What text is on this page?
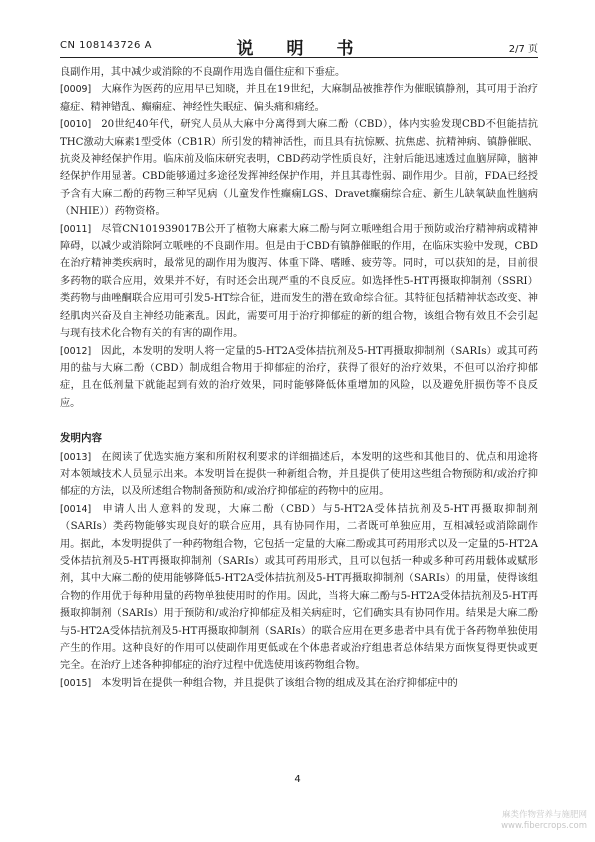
CN 108143726 A	说　明　书	2/7 页

良副作用，其中减少或消除的不良副作用选自僵住症和下垂症。

[0009] 大麻作为医药的应用早已知晓，并且在19世纪，大麻制品被推荐作为催眠镇静剂，其可用于治疗癔症、精神错乱、癫痫症、神经性失眠症、偏头痛和痛经。

[0010] 20世纪40年代，研究人员从大麻中分离得到大麻二酚（CBD），体内实验发现CBD不但能拮抗THC激动大麻素1型受体（CB1R）所引发的精神活性，而且具有抗惊厥、抗焦虑、抗精神病、镇静催眠、抗炎及神经保护作用。临床前及临床研究表明，CBD药动学性质良好，注射后能迅速透过血脑屏障，脑神经保护作用显著。CBD能够通过多途径发挥神经保护作用，并且其毒性弱、副作用少。目前，FDA已经授予含有大麻二酚的药物三种罕见病（儿童发作性癫痫LGS、Dravet癫痫综合症、新生儿缺氧缺血性脑病（NHIE））药物资格。

[0011] 尽管CN101939017B公开了植物大麻素大麻二酚与阿立哌唑组合用于预防或治疗精神病或精神障碍，以减少或消除阿立哌唑的不良副作用。但是由于CBD有镇静催眠的作用，在临床实验中发现，CBD在治疗精神类疾病时，最常见的副作用为腹泻、体重下降、嗜睡、疲劳等。同时，可以获知的是，目前很多药物的联合应用，效果并不好，有时还会出现严重的不良反应。如选择性5-HT再摄取抑制剂（SSRI）类药物与曲唑酮联合应用可引发5-HT综合征，进而发生的潜在致命综合征。其特征包括精神状态改变、神经肌肉兴奋及自主神经功能紊乱。因此，需要可用于治疗抑郁症的新的组合物，该组合物有效且不会引起与现有技术化合物有关的有害的副作用。

[0012] 因此，本发明的发明人将一定量的5-HT2A受体拮抗剂及5-HT再摄取抑制剂（SARIs）或其可药用的盐与大麻二酚（CBD）制成组合物用于抑郁症的治疗，获得了很好的治疗效果，不但可以治疗抑郁症，且在低剂量下就能起到有效的治疗效果，同时能够降低体重增加的风险，以及避免肝损伤等不良反应。

发明内容

[0013] 在阅读了优选实施方案和所附权利要求的详细描述后，本发明的这些和其他目的、优点和用途将对本领域技术人员显示出来。本发明旨在提供一种新组合物，并且提供了使用这些组合物预防和/或治疗抑郁症的方法，以及所述组合物制备预防和/或治疗抑郁症的药物中的应用。

[0014] 申请人出人意料的发现，大麻二酚（CBD）与5-HT2A受体拮抗剂及5-HT再摄取抑制剂（SARIs）类药物能够实现良好的联合应用，具有协同作用，二者既可单独应用，互相减轻或消除副作用。据此，本发明提供了一种药物组合物，它包括一定量的大麻二酚或其可药用形式以及一定量的5-HT2A受体拮抗剂及5-HT再摄取抑制剂（SARIs）或其可药用形式，且可以包括一种或多种可药用载体或赋形剂，其中大麻二酚的使用能够降低5-HT2A受体拮抗剂及5-HT再摄取抑制剂（SARIs）的用量，使得该组合物的作用优于每种用量的药物单独使用时的作用。因此，当将大麻二酚与5-HT2A受体拮抗剂及5-HT再摄取抑制剂（SARIs）用于预防和/或治疗抑郁症及相关病症时，它们确实具有协同作用。结果是大麻二酚与5-HT2A受体拮抗剂及5-HT再摄取抑制剂（SARIs）的联合应用在更多患者中具有优于各药物单独使用产生的作用。这种良好的作用可以使副作用更低或在个体患者或治疗组患者总体结果方面恢复得更快或更完全。在治疗上述各种抑郁症的治疗过程中优选使用该药物组合物。

[0015] 本发明旨在提供一种组合物，并且提供了该组合物的组成及其在治疗抑郁症中的

4
麻类作物营养与施肥网
www.fibercrops.com
